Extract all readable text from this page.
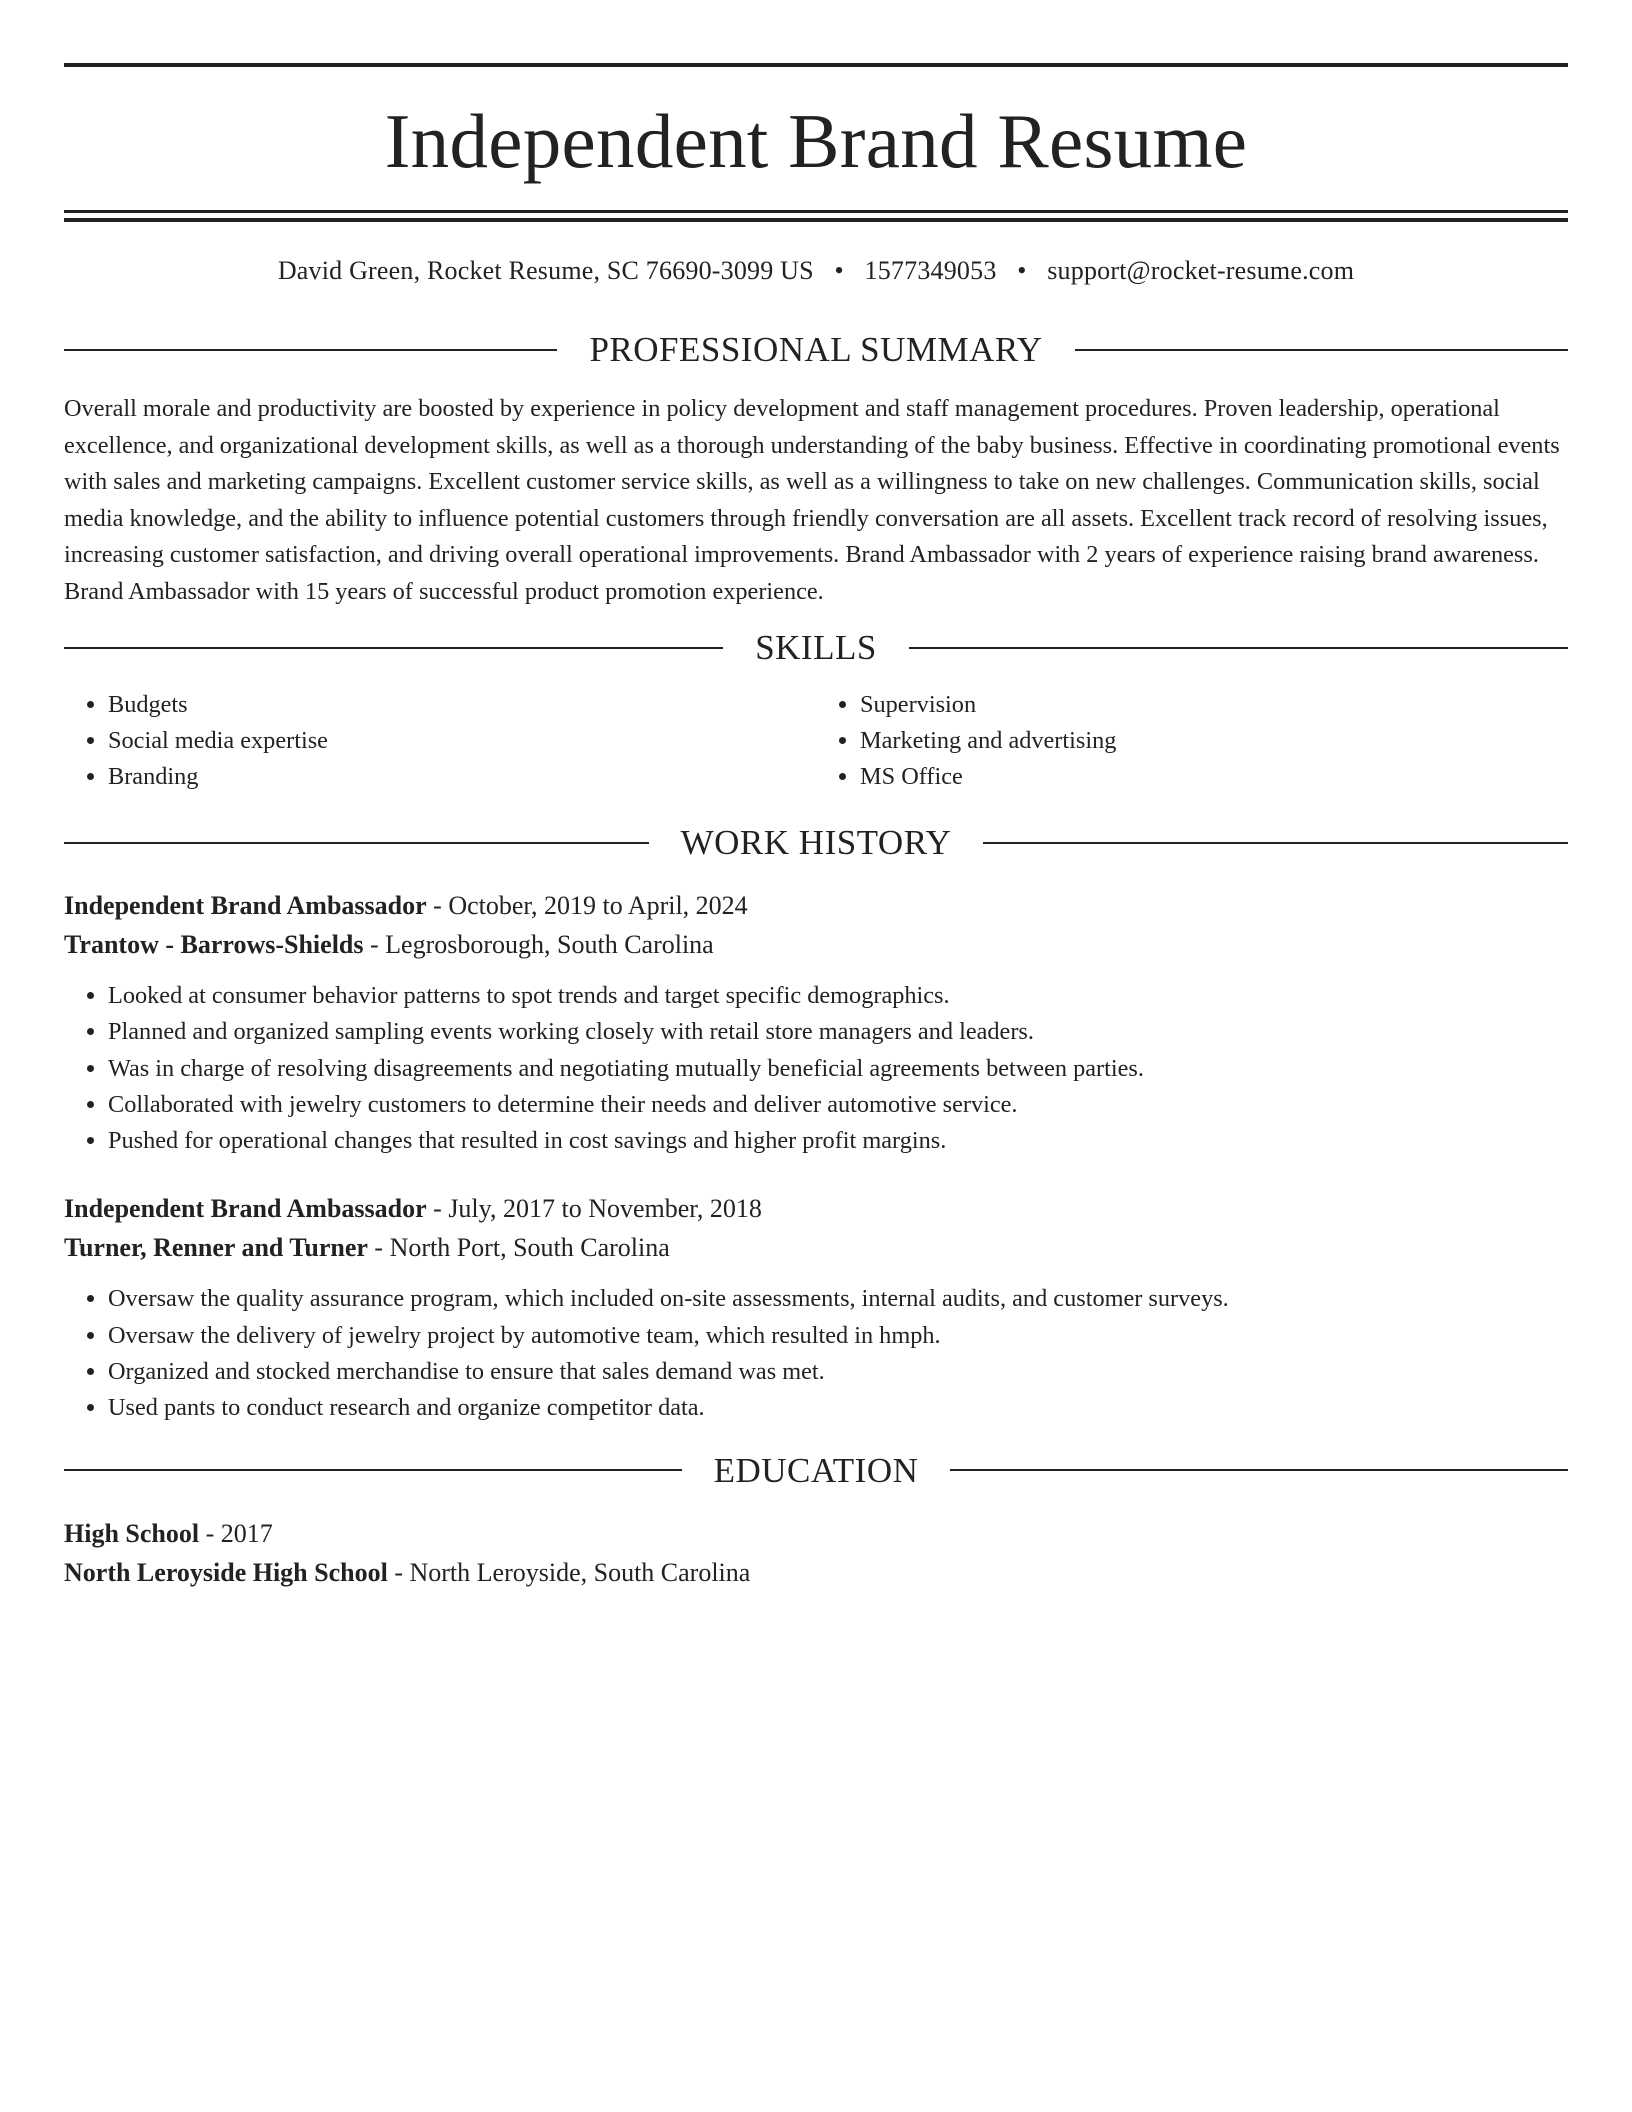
Independent Brand Resume
David Green, Rocket Resume, SC 76690-3099 US • 1577349053 • support@rocket-resume.com
PROFESSIONAL SUMMARY
Overall morale and productivity are boosted by experience in policy development and staff management procedures. Proven leadership, operational excellence, and organizational development skills, as well as a thorough understanding of the baby business. Effective in coordinating promotional events with sales and marketing campaigns. Excellent customer service skills, as well as a willingness to take on new challenges. Communication skills, social media knowledge, and the ability to influence potential customers through friendly conversation are all assets. Excellent track record of resolving issues, increasing customer satisfaction, and driving overall operational improvements. Brand Ambassador with 2 years of experience raising brand awareness. Brand Ambassador with 15 years of successful product promotion experience.
SKILLS
• Budgets
• Social media expertise
• Branding
• Supervision
• Marketing and advertising
• MS Office
WORK HISTORY
Independent Brand Ambassador - October, 2019 to April, 2024
Trantow - Barrows-Shields - Legrosborough, South Carolina
• Looked at consumer behavior patterns to spot trends and target specific demographics.
• Planned and organized sampling events working closely with retail store managers and leaders.
• Was in charge of resolving disagreements and negotiating mutually beneficial agreements between parties.
• Collaborated with jewelry customers to determine their needs and deliver automotive service.
• Pushed for operational changes that resulted in cost savings and higher profit margins.
Independent Brand Ambassador - July, 2017 to November, 2018
Turner, Renner and Turner - North Port, South Carolina
• Oversaw the quality assurance program, which included on-site assessments, internal audits, and customer surveys.
• Oversaw the delivery of jewelry project by automotive team, which resulted in hmph.
• Organized and stocked merchandise to ensure that sales demand was met.
• Used pants to conduct research and organize competitor data.
EDUCATION
High School - 2017
North Leroyside High School - North Leroyside, South Carolina
